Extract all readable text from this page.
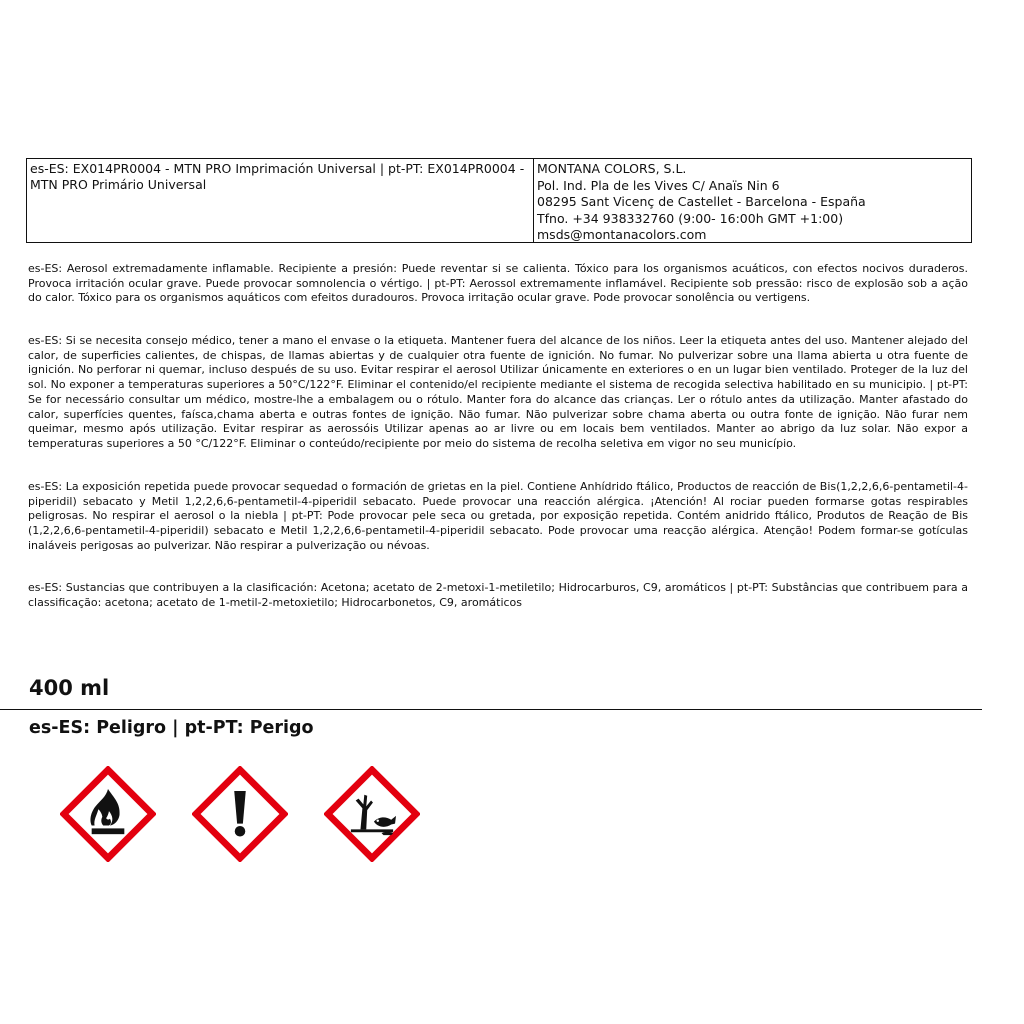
es-ES: EX014PR0004 - MTN PRO Imprimación Universal | pt-PT: EX014PR0004 - MTN PRO Primário Universal
MONTANA COLORS, S.L.
Pol. Ind. Pla de les Vives C/ Anaïs Nin 6
08295 Sant Vicenç de Castellet - Barcelona - España
Tfno. +34 938332760 (9:00- 16:00h GMT +1:00)
msds@montanacolors.com
es-ES: Aerosol extremadamente inflamable. Recipiente a presión: Puede reventar si se calienta. Tóxico para los organismos acuáticos, con efectos nocivos duraderos. Provoca irritación ocular grave. Puede provocar somnolencia o vértigo. | pt-PT: Aerossol extremamente inflamável. Recipiente sob pressão: risco de explosão sob a ação do calor. Tóxico para os organismos aquáticos com efeitos duradouros. Provoca irritação ocular grave. Pode provocar sonolência ou vertigens.
es-ES: Si se necesita consejo médico, tener a mano el envase o la etiqueta. Mantener fuera del alcance de los niños. Leer la etiqueta antes del uso. Mantener alejado del calor, de superficies calientes, de chispas, de llamas abiertas y de cualquier otra fuente de ignición. No fumar. No pulverizar sobre una llama abierta u otra fuente de ignición. No perforar ni quemar, incluso después de su uso. Evitar respirar el aerosol Utilizar únicamente en exteriores o en un lugar bien ventilado. Proteger de la luz del sol. No exponer a temperaturas superiores a 50°C/122°F. Eliminar el contenido/el recipiente mediante el sistema de recogida selectiva habilitado en su municipio. | pt-PT: Se for necessário consultar um médico, mostre-lhe a embalagem ou o rótulo. Manter fora do alcance das crianças. Ler o rótulo antes da utilização. Manter afastado do calor, superfícies quentes, faísca,chama aberta e outras fontes de ignição. Não fumar. Não pulverizar sobre chama aberta ou outra fonte de ignição. Não furar nem queimar, mesmo após utilização. Evitar respirar as aerossóis Utilizar apenas ao ar livre ou em locais bem ventilados. Manter ao abrigo da luz solar. Não expor a temperaturas superiores a 50 °C/122°F. Eliminar o conteúdo/recipiente por meio do sistema de recolha seletiva em vigor no seu município.
es-ES: La exposición repetida puede provocar sequedad o formación de grietas en la piel. Contiene Anhídrido ftálico, Productos de reacción de Bis(1,2,2,6,6-pentametil-4-piperidil) sebacato y Metil 1,2,2,6,6-pentametil-4-piperidil sebacato. Puede provocar una reacción alérgica. ¡Atención! Al rociar pueden formarse gotas respirables peligrosas. No respirar el aerosol o la niebla | pt-PT: Pode provocar pele seca ou gretada, por exposição repetida. Contém anidrido ftálico, Produtos de Reação de Bis (1,2,2,6,6-pentametil-4-piperidil) sebacato e Metil 1,2,2,6,6-pentametil-4-piperidil sebacato. Pode provocar uma reacção alérgica. Atenção! Podem formar-se gotículas inaláveis perigosas ao pulverizar. Não respirar a pulverização ou névoas.
es-ES: Sustancias que contribuyen a la clasificación: Acetona; acetato de 2-metoxi-1-metiletilo; Hidrocarburos, C9, aromáticos | pt-PT: Substâncias que contribuem para a classificação: acetona; acetato de 1-metil-2-metoxietilo; Hidrocarbonetos, C9, aromáticos
400 ml
es-ES: Peligro | pt-PT: Perigo
